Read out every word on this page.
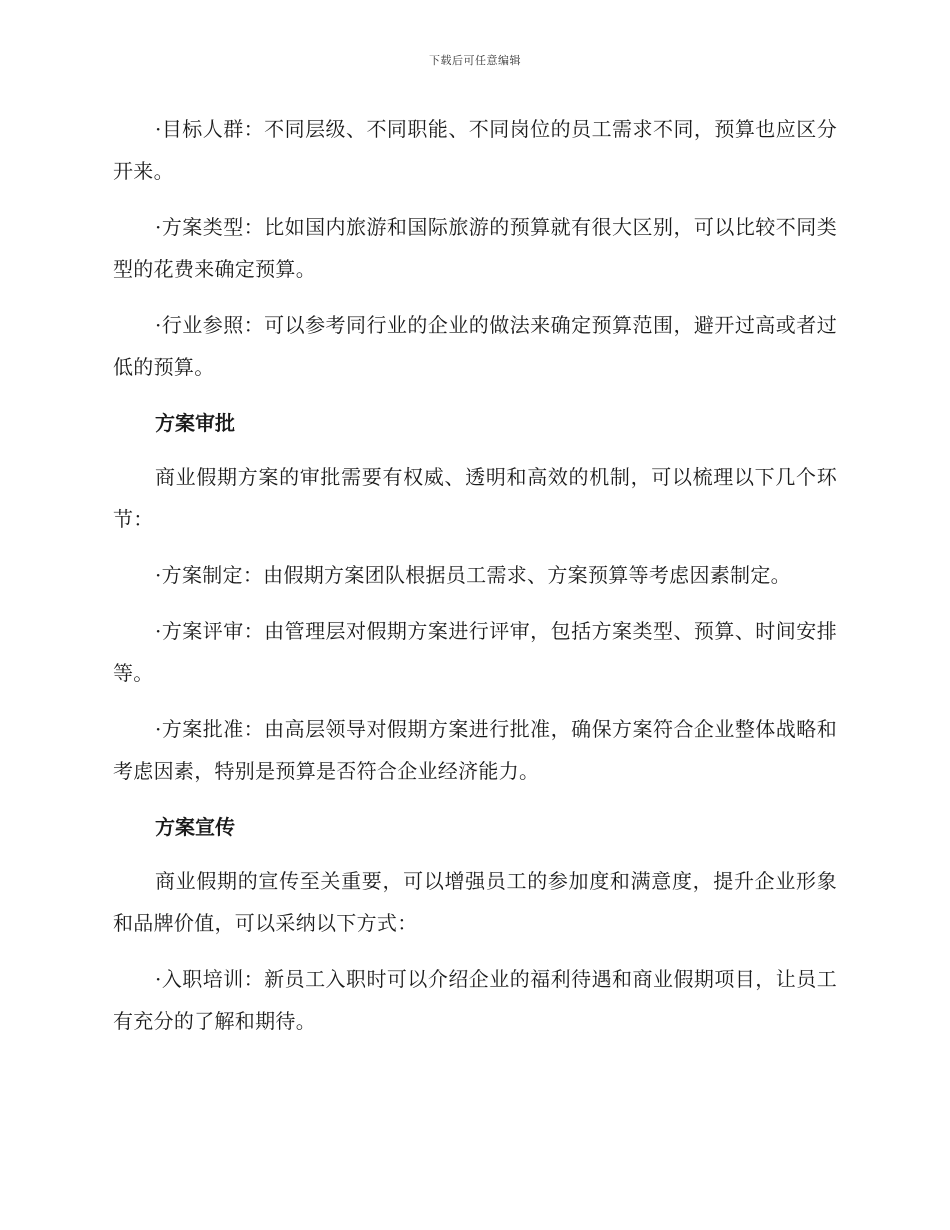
下载后可任意编辑

·目标人群：不同层级、不同职能、不同岗位的员工需求不同，预算也应区分开来。

·方案类型：比如国内旅游和国际旅游的预算就有很大区别，可以比较不同类型的花费来确定预算。

·行业参照：可以参考同行业的企业的做法来确定预算范围，避开过高或者过低的预算。

方案审批

商业假期方案的审批需要有权威、透明和高效的机制，可以梳理以下几个环节：

·方案制定：由假期方案团队根据员工需求、方案预算等考虑因素制定。

·方案评审：由管理层对假期方案进行评审，包括方案类型、预算、时间安排等。

·方案批准：由高层领导对假期方案进行批准，确保方案符合企业整体战略和考虑因素，特别是预算是否符合企业经济能力。

方案宣传

商业假期的宣传至关重要，可以增强员工的参加度和满意度，提升企业形象和品牌价值，可以采纳以下方式：

·入职培训：新员工入职时可以介绍企业的福利待遇和商业假期项目，让员工有充分的了解和期待。
